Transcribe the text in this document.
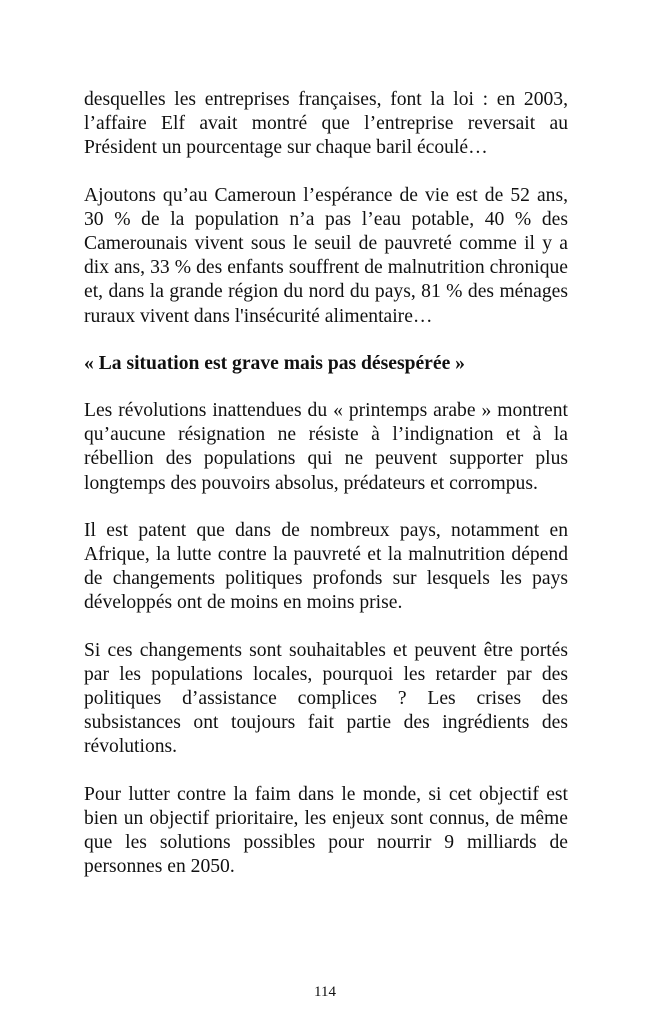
desquelles les entreprises françaises, font la loi : en 2003, l’affaire Elf avait montré que l’entreprise reversait au Président un pourcentage sur chaque baril écoulé…

Ajoutons qu’au Cameroun l’espérance de vie est de 52 ans, 30 % de la population n’a pas l’eau potable, 40 % des Camerounais vivent sous le seuil de pauvreté comme il y a dix ans, 33 % des enfants souffrent de malnutrition chronique et, dans la grande région du nord du pays, 81 % des ménages ruraux vivent dans l'insécurité alimentaire…

« La situation est grave mais pas désespérée »

Les révolutions inattendues du « printemps arabe » montrent qu’aucune résignation ne résiste à l’indignation et à la rébellion des populations qui ne peuvent supporter plus longtemps des pouvoirs absolus, prédateurs et corrompus.

Il est patent que dans de nombreux pays, notamment en Afrique, la lutte contre la pauvreté et la malnutrition dépend de changements politiques profonds sur lesquels les pays développés ont de moins en moins prise.

Si ces changements sont souhaitables et peuvent être portés par les populations locales, pourquoi les retarder par des politiques d’assistance complices ? Les crises des subsistances ont toujours fait partie des ingrédients des révolutions.

Pour lutter contre la faim dans le monde, si cet objectif est bien un objectif prioritaire, les enjeux sont connus, de même que les solutions possibles pour nourrir 9 milliards de personnes en 2050.

114
